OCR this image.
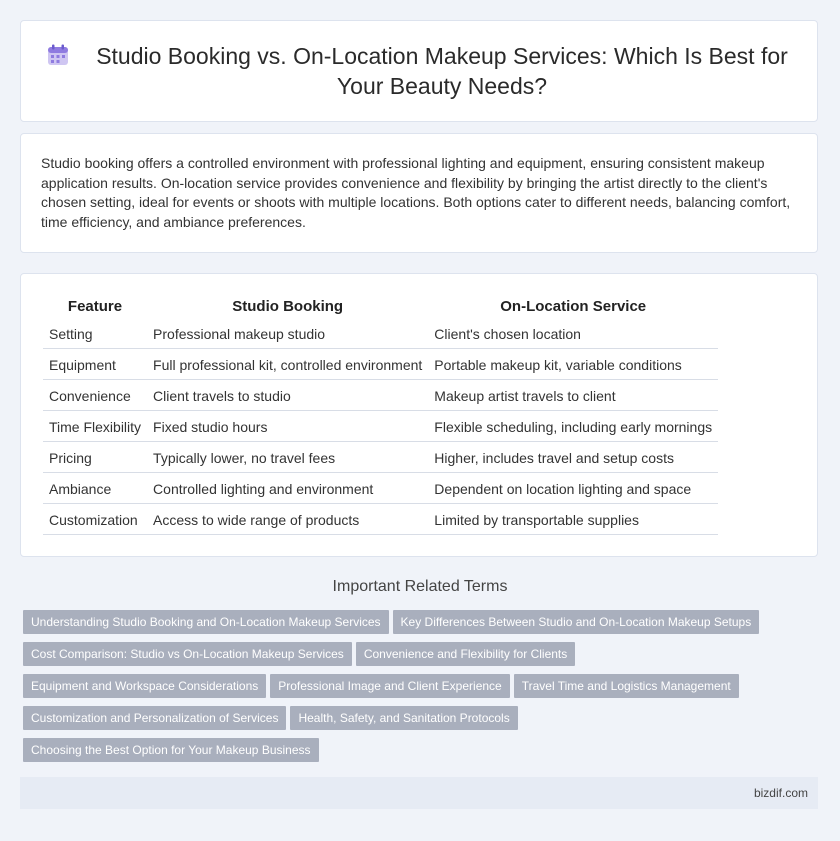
Studio Booking vs. On-Location Makeup Services: Which Is Best for Your Beauty Needs?

Studio booking offers a controlled environment with professional lighting and equipment, ensuring consistent makeup application results. On-location service provides convenience and flexibility by bringing the artist directly to the client's chosen setting, ideal for events or shoots with multiple locations. Both options cater to different needs, balancing comfort, time efficiency, and ambiance preferences.

Feature	Studio Booking	On-Location Service
Setting	Professional makeup studio	Client's chosen location
Equipment	Full professional kit, controlled environment	Portable makeup kit, variable conditions
Convenience	Client travels to studio	Makeup artist travels to client
Time Flexibility	Fixed studio hours	Flexible scheduling, including early mornings
Pricing	Typically lower, no travel fees	Higher, includes travel and setup costs
Ambiance	Controlled lighting and environment	Dependent on location lighting and space
Customization	Access to wide range of products	Limited by transportable supplies
Important Related Terms
Understanding Studio Booking and On-Location Makeup Services Key Differences Between Studio and On-Location Makeup SetupsCost Comparison: Studio vs On-Location Makeup Services Convenience and Flexibility for ClientsEquipment and Workspace Considerations Professional Image and Client Experience Travel Time and Logistics ManagementCustomization and Personalization of Services Health, Safety, and Sanitation ProtocolsChoosing the Best Option for Your Makeup Business
bizdif.com
